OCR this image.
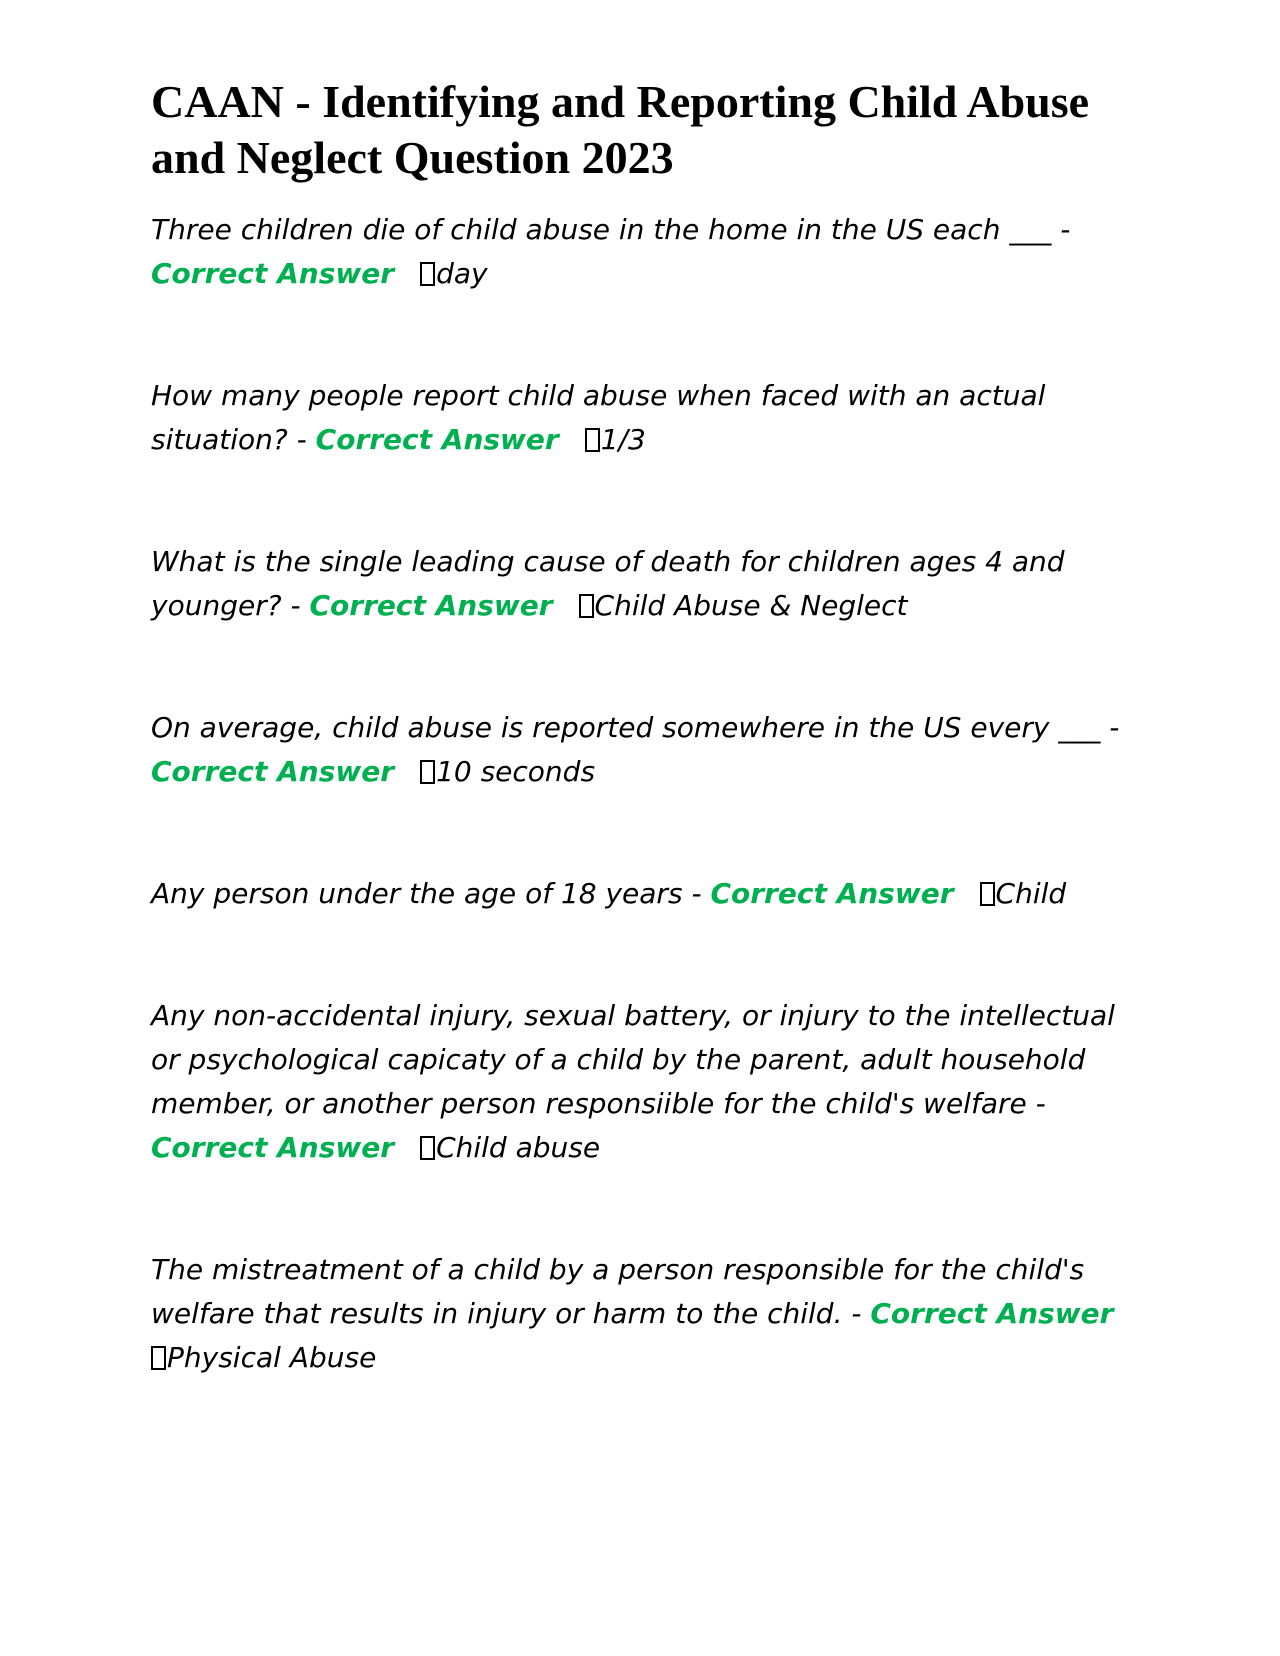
CAAN - Identifying and Reporting Child Abuse and Neglect Question 2023

Three children die of child abuse in the home in the US each ___ - Correct Answer day

How many people report child abuse when faced with an actual situation? - Correct Answer 1/3

What is the single leading cause of death for children ages 4 and younger? - Correct Answer Child Abuse & Neglect

On average, child abuse is reported somewhere in the US every ___ - Correct Answer 10 seconds

Any person under the age of 18 years - Correct Answer Child

Any non-accidental injury, sexual battery, or injury to the intellectual or psychological capicaty of a child by the parent, adult household member, or another person responsiible for the child's welfare - Correct Answer Child abuse

The mistreatment of a child by a person responsible for the child's welfare that results in injury or harm to the child. - Correct Answer
Physical Abuse
